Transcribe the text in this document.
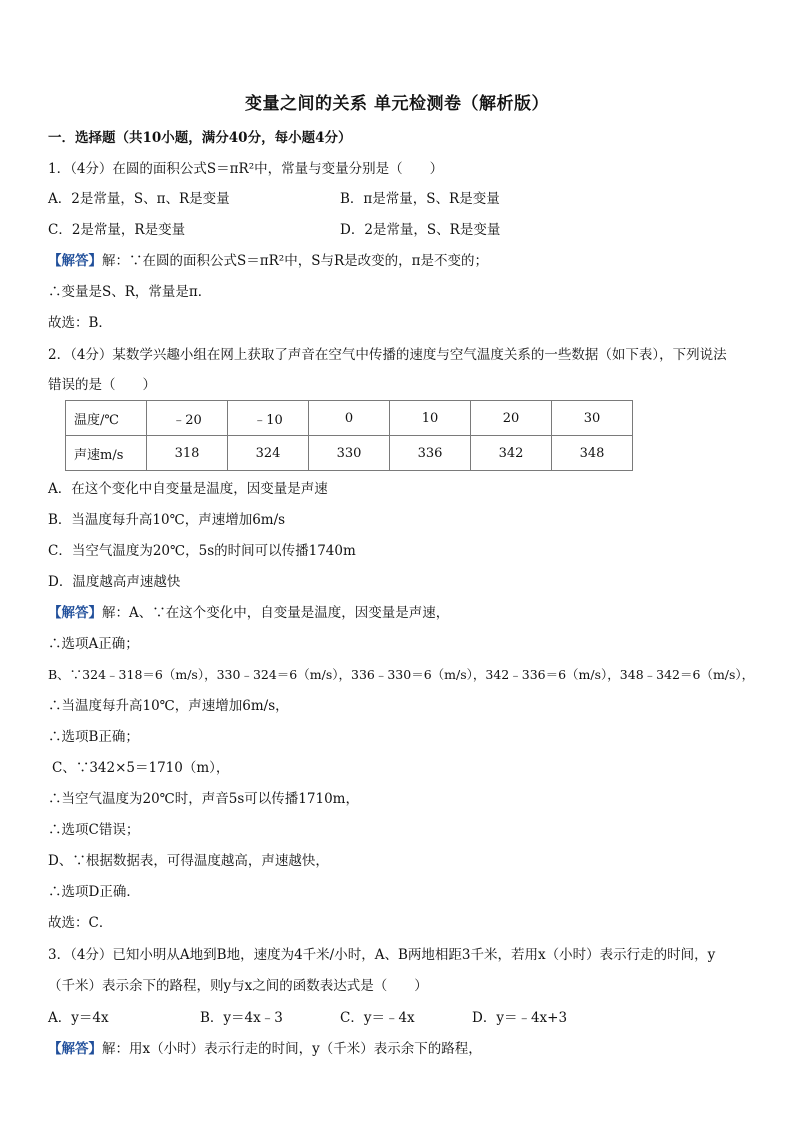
变量之间的关系 单元检测卷（解析版）
一．选择题（共10小题，满分40分，每小题4分）
1．（4分）在圆的面积公式S＝πR²中，常量与变量分别是（　　）
A．2是常量，S、π、R是变量	B．π是常量，S、R是变量
C．2是常量，R是变量	D．2是常量，S、R是变量
【解答】解：∵在圆的面积公式S＝πR²中，S与R是改变的，π是不变的；
∴变量是S、R，常量是π．
故选：B．
2．（4分）某数学兴趣小组在网上获取了声音在空气中传播的速度与空气温度关系的一些数据（如下表），下列说法
错误的是（　　）
温度/℃	﹣20	﹣10	0	10	20	30
声速m/s	318	324	330	336	342	348
A．在这个变化中自变量是温度，因变量是声速
B．当温度每升高10℃，声速增加6m/s
C．当空气温度为20℃，5s的时间可以传播1740m
D．温度越高声速越快
【解答】解：A、∵在这个变化中，自变量是温度，因变量是声速，
∴选项A正确；
B、∵324﹣318＝6（m/s），330﹣324＝6（m/s），336﹣330＝6（m/s），342﹣336＝6（m/s），348﹣342＝6（m/s），
∴当温度每升高10℃，声速增加6m/s，
∴选项B正确；
C、∵342×5＝1710（m），
∴当空气温度为20℃时，声音5s可以传播1710m，
∴选项C错误；
D、∵根据数据表，可得温度越高，声速越快，
∴选项D正确．
故选：C．
3．（4分）已知小明从A地到B地，速度为4千米/小时，A、B两地相距3千米，若用x（小时）表示行走的时间，y
（千米）表示余下的路程，则y与x之间的函数表达式是（　　）
A．y＝4x	B．y＝4x﹣3	C．y＝﹣4x	D．y＝﹣4x+3
【解答】解：用x（小时）表示行走的时间，y（千米）表示余下的路程，
